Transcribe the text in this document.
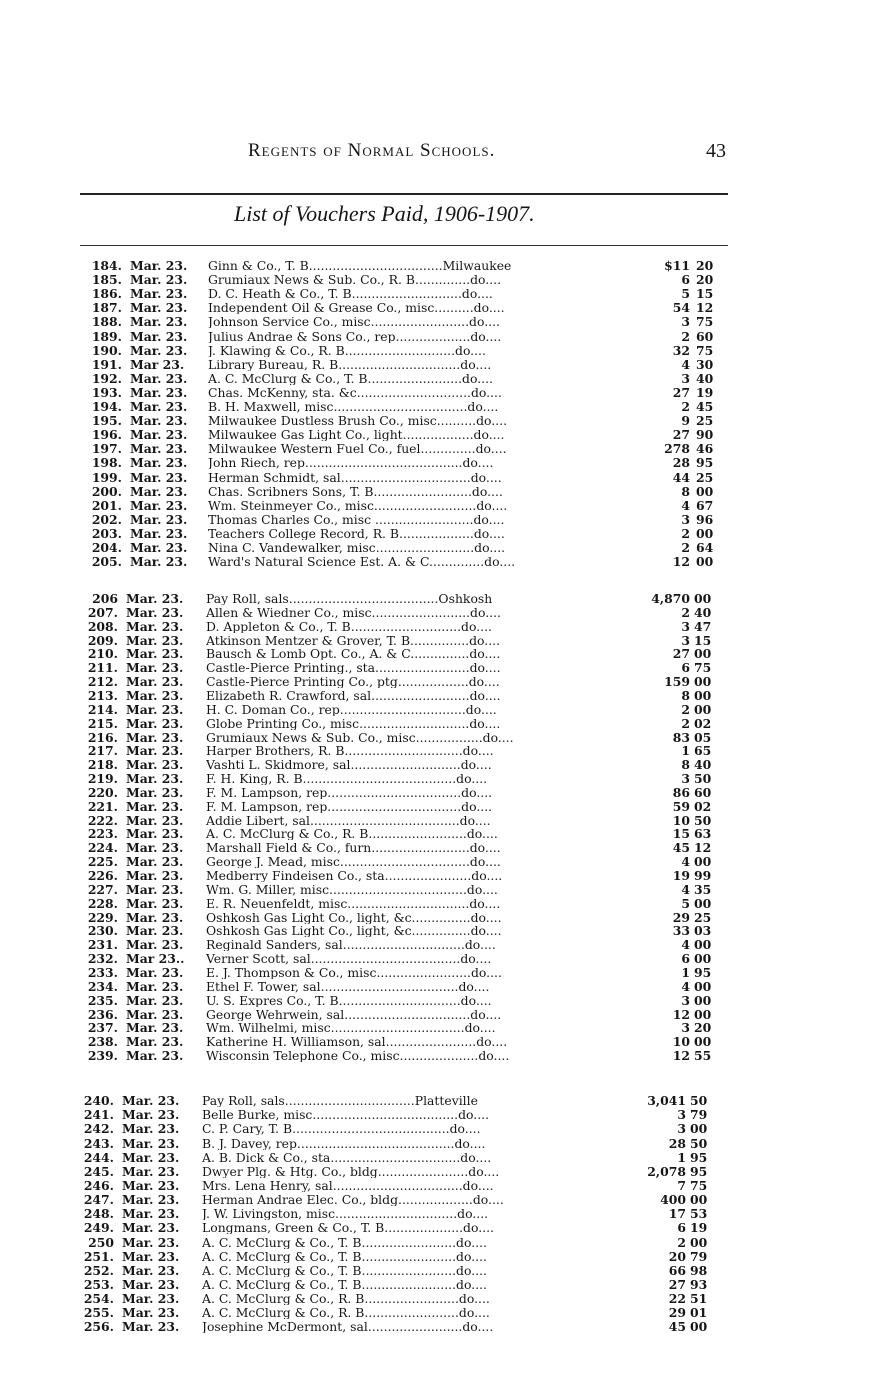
Regents of Normal Schools.	43
List of Vouchers Paid, 1906-1907.
184. Mar. 23. Ginn & Co., T. B..................................Milwaukee	$11 20
185. Mar. 23. Grumiaux News & Sub. Co., R. B..............do....	6 20
186. Mar. 23. D. C. Heath & Co., T. B............................do....	5 15
187. Mar. 23. Independent Oil & Grease Co., misc..........do....	54 12
188. Mar. 23. Johnson Service Co., misc.........................do....	3 75
189. Mar. 23. Julius Andrae & Sons Co., rep...................do....	2 60
190. Mar. 23. J. Klawing & Co., R. B............................do....	32 75
191. Mar 23. Library Bureau, R. B...............................do....	4 30
192. Mar. 23. A. C. McClurg & Co., T. B........................do....	3 40
193. Mar. 23. Chas. McKenny, sta. &c.............................do....	27 19
194. Mar. 23. B. H. Maxwell, misc..................................do....	2 45
195. Mar. 23. Milwaukee Dustless Brush Co., misc..........do....	9 25
196. Mar. 23. Milwaukee Gas Light Co., light..................do....	27 90
197. Mar. 23. Milwaukee Western Fuel Co., fuel..............do....	278 46
198. Mar. 23. John Riech, rep........................................do....	28 95
199. Mar. 23. Herman Schmidt, sal.................................do....	44 25
200. Mar. 23. Chas. Scribners Sons, T. B.........................do....	8 00
201. Mar. 23. Wm. Steinmeyer Co., misc..........................do....	4 67
202. Mar. 23. Thomas Charles Co., misc .........................do....	3 96
203. Mar. 23. Teachers College Record, R. B...................do....	2 00
204. Mar. 23. Nina C. Vandewalker, misc.........................do....	2 64
205. Mar. 23. Ward's Natural Science Est. A. & C..............do....	12 00
206 Mar. 23. Pay Roll, sals......................................Oshkosh	4,870 00
207. Mar. 23. Allen & Wiedner Co., misc.........................do....	2 40
208. Mar. 23. D. Appleton & Co., T. B............................do....	3 47
209. Mar. 23. Atkinson Mentzer & Grover, T. B...............do....	3 15
210. Mar. 23. Bausch & Lomb Opt. Co., A. & C...............do....	27 00
211. Mar. 23. Castle-Pierce Printing., sta........................do....	6 75
212. Mar. 23. Castle-Pierce Printing Co., ptg..................do....	159 00
213. Mar. 23. Elizabeth R. Crawford, sal.........................do....	8 00
214. Mar. 23. H. C. Doman Co., rep................................do....	2 00
215. Mar. 23. Globe Printing Co., misc............................do....	2 02
216. Mar. 23. Grumiaux News & Sub. Co., misc.................do....	83 05
217. Mar. 23. Harper Brothers, R. B..............................do....	1 65
218. Mar. 23. Vashti L. Skidmore, sal............................do....	8 40
219. Mar. 23. F. H. King, R. B.......................................do....	3 50
220. Mar. 23. F. M. Lampson, rep..................................do....	86 60
221. Mar. 23. F. M. Lampson, rep..................................do....	59 02
222. Mar. 23. Addie Libert, sal......................................do....	10 50
223. Mar. 23. A. C. McClurg & Co., R. B.........................do....	15 63
224. Mar. 23. Marshall Field & Co., furn.........................do....	45 12
225. Mar. 23. George J. Mead, misc.................................do....	4 00
226. Mar. 23. Medberry Findeisen Co., sta......................do....	19 99
227. Mar. 23. Wm. G. Miller, misc...................................do....	4 35
228. Mar. 23. E. R. Neuenfeldt, misc...............................do....	5 00
229. Mar. 23. Oshkosh Gas Light Co., light, &c...............do....	29 25
230. Mar. 23. Oshkosh Gas Light Co., light, &c...............do....	33 03
231. Mar. 23. Reginald Sanders, sal...............................do....	4 00
232. Mar 23.. Verner Scott, sal......................................do....	6 00
233. Mar. 23. E. J. Thompson & Co., misc........................do....	1 95
234. Mar. 23. Ethel F. Tower, sal...................................do....	4 00
235. Mar. 23. U. S. Expres Co., T. B...............................do....	3 00
236. Mar. 23. George Wehrwein, sal................................do....	12 00
237. Mar. 23. Wm. Wilhelmi, misc..................................do....	3 20
238. Mar. 23. Katherine H. Williamson, sal.......................do....	10 00
239. Mar. 23. Wisconsin Telephone Co., misc....................do....	12 55
240. Mar. 23. Pay Roll, sals.................................Platteville	3,041 50
241. Mar. 23. Belle Burke, misc.....................................do....	3 79
242. Mar. 23. C. P. Cary, T. B........................................do....	3 00
243. Mar. 23. B. J. Davey, rep........................................do....	28 50
244. Mar. 23. A. B. Dick & Co., sta.................................do....	1 95
245. Mar. 23. Dwyer Plg. & Htg. Co., bldg.......................do....	2,078 95
246. Mar. 23. Mrs. Lena Henry, sal.................................do....	7 75
247. Mar. 23. Herman Andrae Elec. Co., bldg...................do....	400 00
248. Mar. 23. J. W. Livingston, misc...............................do....	17 53
249. Mar. 23. Longmans, Green & Co., T. B....................do....	6 19
250 Mar. 23. A. C. McClurg & Co., T. B........................do....	2 00
251. Mar. 23. A. C. McClurg & Co., T. B........................do....	20 79
252. Mar. 23. A. C. McClurg & Co., T. B........................do....	66 98
253. Mar. 23. A. C. McClurg & Co., T. B........................do....	27 93
254. Mar. 23. A. C. McClurg & Co., R. B........................do....	22 51
255. Mar. 23. A. C. McClurg & Co., R. B........................do....	29 01
256. Mar. 23. Josephine McDermont, sal........................do....	45 00
